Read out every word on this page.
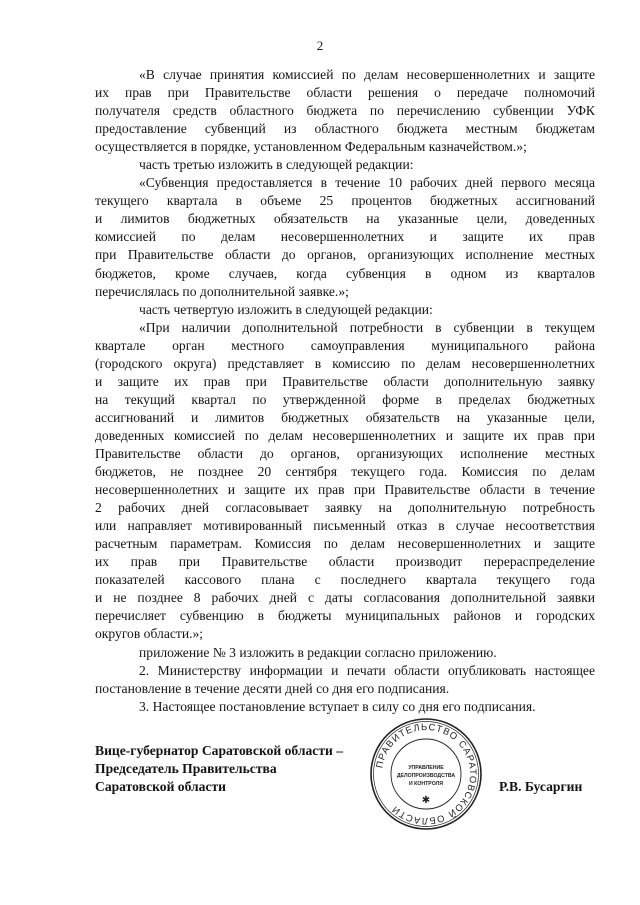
2
«В случае принятия комиссией по делам несовершеннолетних и защите
их прав при Правительстве области решения о передаче полномочий
получателя средств областного бюджета по перечислению субвенции УФК
предоставление субвенций из областного бюджета местным бюджетам
осуществляется в порядке, установленном Федеральным казначейством.»;
часть третью изложить в следующей редакции:
«Субвенция предоставляется в течение 10 рабочих дней первого месяца
текущего квартала в объеме 25 процентов бюджетных ассигнований
и лимитов бюджетных обязательств на указанные цели, доведенных
комиссией по делам несовершеннолетних и защите их прав
при Правительстве области до органов, организующих исполнение местных
бюджетов, кроме случаев, когда субвенция в одном из кварталов
перечислялась по дополнительной заявке.»;
часть четвертую изложить в следующей редакции:
«При наличии дополнительной потребности в субвенции в текущем
квартале орган местного самоуправления муниципального района
(городского округа) представляет в комиссию по делам несовершеннолетних
и защите их прав при Правительстве области дополнительную заявку
на текущий квартал по утвержденной форме в пределах бюджетных
ассигнований и лимитов бюджетных обязательств на указанные цели,
доведенных комиссией по делам несовершеннолетних и защите их прав при
Правительстве области до органов, организующих исполнение местных
бюджетов, не позднее 20 сентября текущего года. Комиссия по делам
несовершеннолетних и защите их прав при Правительстве области в течение
2 рабочих дней согласовывает заявку на дополнительную потребность
или направляет мотивированный письменный отказ в случае несоответствия
расчетным параметрам. Комиссия по делам несовершеннолетних и защите
их прав при Правительстве области производит перераспределение
показателей кассового плана с последнего квартала текущего года
и не позднее 8 рабочих дней с даты согласования дополнительной заявки
перечисляет субвенцию в бюджеты муниципальных районов и городских
округов области.»;
приложение № 3 изложить в редакции согласно приложению.
2. Министерству информации и печати области опубликовать настоящее
постановление в течение десяти дней со дня его подписания.
3. Настоящее постановление вступает в силу со дня его подписания.
Вице-губернатор Саратовской области –
Председатель Правительства
Саратовской области
ПРАВИТЕЛЬСТВО САРАТОВСКОЙ ОБЛАСТИ
✱
УПРАВЛЕНИЕ
ДЕЛОПРОИЗВОДСТВА
И КОНТРОЛЯ	Р.В. Бусаргин
